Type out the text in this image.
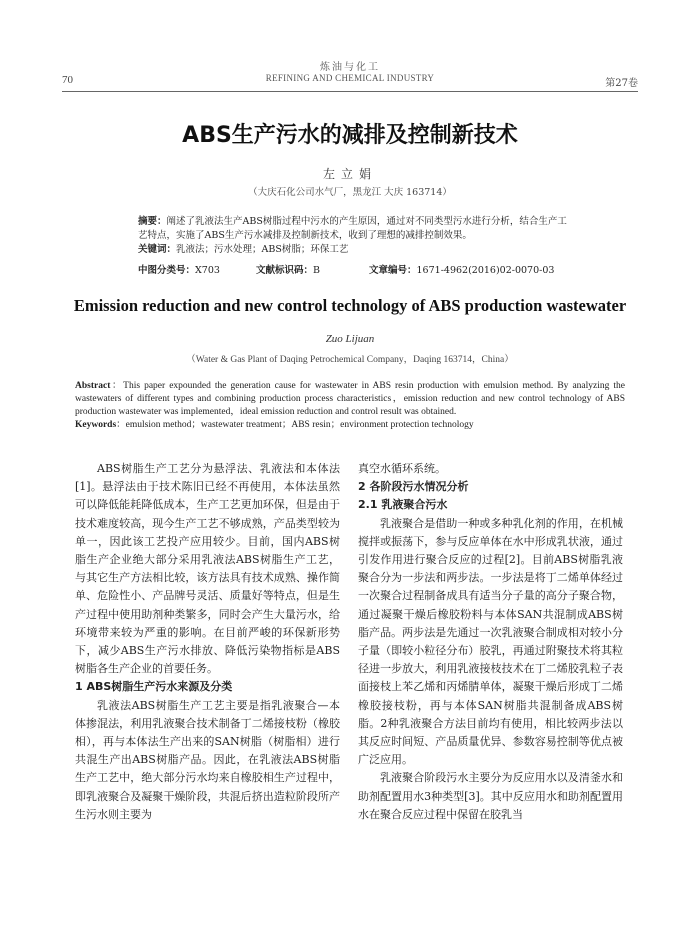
炼油与化工
REFINING AND CHEMICAL INDUSTRY
70	第27卷
ABS生产污水的减排及控制新技术
左立娟
（大庆石化公司水气厂，黑龙江 大庆 163714）
摘要：阐述了乳液法生产ABS树脂过程中污水的产生原因，通过对不同类型污水进行分析，结合生产工艺特点，实施了ABS生产污水减排及控制新技术，收到了理想的减排控制效果。
关键词：乳液法；污水处理；ABS树脂；环保工艺
中图分类号：X703	文献标识码：B	文章编号：1671-4962(2016)02-0070-03
Emission reduction and new control technology of ABS production wastewater
Zuo Lijuan
（Water & Gas Plant of Daqing Petrochemical Company，Daqing 163714，China）
Abstract：This paper expounded the generation cause for wastewater in ABS resin production with emulsion method. By analyzing the wastewaters of different types and combining production process characteristics，emission reduction and new control technology of ABS production wastewater was implemented，ideal emission reduction and control result was obtained.
Keywords：emulsion method；wastewater treatment；ABS resin；environment protection technology

ABS树脂生产工艺分为悬浮法、乳液法和本体法[1]。悬浮法由于技术陈旧已经不再使用，本体法虽然可以降低能耗降低成本，生产工艺更加环保，但是由于技术难度较高，现今生产工艺不够成熟，产品类型较为单一，因此该工艺投产应用较少。目前，国内ABS树脂生产企业绝大部分采用乳液法ABS树脂生产工艺，与其它生产方法相比较，该方法具有技术成熟、操作简单、危险性小、产品牌号灵活、质量好等特点，但是生产过程中使用助剂种类繁多，同时会产生大量污水，给环境带来较为严重的影响。在目前严峻的环保新形势下，减少ABS生产污水排放、降低污染物指标是ABS树脂各生产企业的首要任务。

1 ABS树脂生产污水来源及分类

乳液法ABS树脂生产工艺主要是指乳液聚合—本体掺混法，利用乳液聚合技术制备丁二烯接枝粉（橡胶相），再与本体法生产出来的SAN树脂（树脂相）进行共混生产出ABS树脂产品。因此，在乳液法ABS树脂生产工艺中，绝大部分污水均来自橡胶相生产过程中，即乳液聚合及凝聚干燥阶段，共混后挤出造粒阶段所产生污水则主要为

真空水循环系统。

2 各阶段污水情况分析
2.1 乳液聚合污水

乳液聚合是借助一种或多种乳化剂的作用，在机械搅拌或振荡下，参与反应单体在水中形成乳状液，通过引发作用进行聚合反应的过程[2]。目前ABS树脂乳液聚合分为一步法和两步法。一步法是将丁二烯单体经过一次聚合过程制备成具有适当分子量的高分子聚合物，通过凝聚干燥后橡胶粉料与本体SAN共混制成ABS树脂产品。两步法是先通过一次乳液聚合制成相对较小分子量（即较小粒径分布）胶乳，再通过附聚技术将其粒径进一步放大，利用乳液接枝技术在丁二烯胶乳粒子表面接枝上苯乙烯和丙烯腈单体，凝聚干燥后形成丁二烯橡胶接枝粉，再与本体SAN树脂共混制备成ABS树脂。2种乳液聚合方法目前均有使用，相比较两步法以其反应时间短、产品质量优异、参数容易控制等优点被广泛应用。

乳液聚合阶段污水主要分为反应用水以及清釜水和助剂配置用水3种类型[3]。其中反应用水和助剂配置用水在聚合反应过程中保留在胶乳当
